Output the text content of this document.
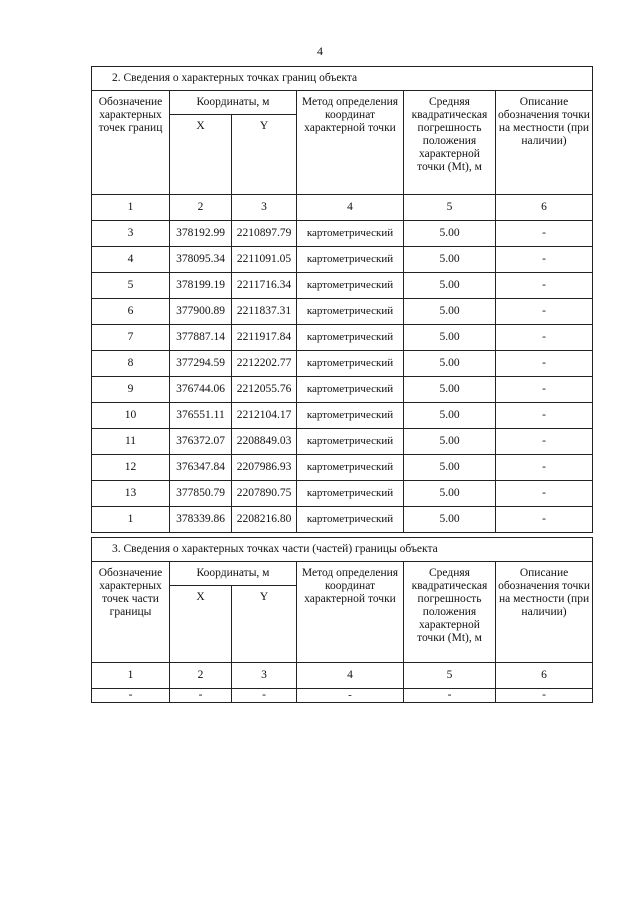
4
2. Сведения о характерных точках границ объекта					
Обозначение характерных точек границ	Координаты, м		Метод определения координат характерной точки	Средняя квадратическая погрешность положения характерной точки (Mt), м	Описание обозначения точки на местности (при наличии)
	X	Y			
1	2	3	4	5	6
3	378192.99	2210897.79	картометрический	5.00	-
4	378095.34	2211091.05	картометрический	5.00	-
5	378199.19	2211716.34	картометрический	5.00	-
6	377900.89	2211837.31	картометрический	5.00	-
7	377887.14	2211917.84	картометрический	5.00	-
8	377294.59	2212202.77	картометрический	5.00	-
9	376744.06	2212055.76	картометрический	5.00	-
10	376551.11	2212104.17	картометрический	5.00	-
11	376372.07	2208849.03	картометрический	5.00	-
12	376347.84	2207986.93	картометрический	5.00	-
13	377850.79	2207890.75	картометрический	5.00	-
1	378339.86	2208216.80	картометрический	5.00	-
3. Сведения о характерных точках части (частей) границы объекта					
Обозначение характерных точек части границы	Координаты, м		Метод определения координат характерной точки	Средняя квадратическая погрешность положения характерной точки (Mt), м	Описание обозначения точки на местности (при наличии)
	X	Y			
1	2	3	4	5	6
-	-	-	-	-	-
